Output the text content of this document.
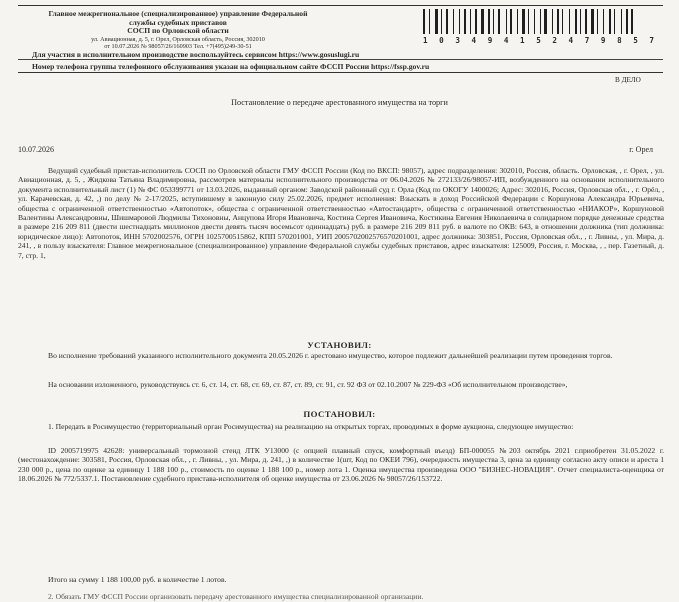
Главное межрегиональное (специализированное) управление Федеральной
службы судебных приставов
СОСП по Орловской области
ул. Авиационная, д. 5, г. Орел, Орловская область, Россия, 302010
от 10.07.2026 № 98057/26/160903 Тел. +7(495)249-30-51
1 0 3 4 9 4 1 5 2 4 7 9 8 5 7
Для участия в исполнительном производстве воспользуйтесь сервисом https://www.gosuslugi.ru
Номер телефона группы телефонного обслуживания указан на официальном сайте ФССП России https://fssp.gov.ru
В ДЕЛО
Постановление о передаче арестованного имущества на торги
10.07.2026	г. Орел

Ведущий судебный пристав-исполнитель СОСП по Орловской области ГМУ ФССП России (Код по ВКСП: 98057), адрес подразделения: 302010, Россия, область. Орловская, , г. Орел, , ул. Авиационная, д. 5, , Жидкова Татьяна Владимировна, рассмотрев материалы исполнительного производства от 06.04.2026 № 272133/26/98057-ИП, возбужденного на основании исполнительного документа исполнительный лист (1) № ФС 053399771 от 13.03.2026, выданный органом: Заводской районный суд г. Орла (Код по ОКОГУ 1400026; Адрес: 302016, Россия, Орловская обл., , г. Орёл, , ул. Карачевская, д. 42, ,) по делу № 2-17/2025, вступившему в законную силу 25.02.2026, предмет исполнения: Взыскать в доход Российской Федерации с Коршунова Александра Юрьевича, общества с ограниченной ответственностью «Автопоток», общества с ограниченной ответственностью «Автостандарт», общества с ограниченной ответственностью «НИАКОР», Коршуновой Валентины Александровны, Шишмаровой Людмилы Тихоновны, Анцупова Игоря Ивановича, Костина Сергея Ивановича, Костикина Евгения Николаевича в солидарном порядке денежные средства в размере 216 209 811 (двести шестнадцать миллионов двести девять тысяч восемьсот одиннадцать) руб. в размере 216 209 811 руб. в валюте по ОКВ: 643, в отношении должника (тип должника: юридическое лицо): Автопоток, ИНН 5702002576, ОГРН 1025700515862, КПП 570201001, УИП 2005702002576570201001, адрес должника: 303851, Россия, Орловская обл., , г. Ливны, , ул. Мира, д. 241, , в пользу взыскателя: Главное межрегиональное (специализированное) управление Федеральной службы судебных приставов, адрес взыскателя: 125009, Россия, г. Москва, , , пер. Газетный, д. 7, стр. 1,

УСТАНОВИЛ:

Во исполнение требований указанного исполнительного документа 20.05.2026 г. арестовано имущество, которое подлежит дальнейшей реализации путем проведения торгов.

На основании изложенного, руководствуясь ст. 6, ст. 14, ст. 68, ст. 69, ст. 87, ст. 89, ст. 91, ст. 92 ФЗ от 02.10.2007 № 229-ФЗ «Об исполнительном производстве»,

ПОСТАНОВИЛ:

1. Передать в Росимущество (территориальный орган Росимущества) на реализацию на открытых торгах, проводимых в форме аукциона, следующее имущество:

ID 2005719975 42628: универсальный тормозной стенд ЛТК У13000 (с опцией плавный спуск, комфортный въезд) БП-000055 №203 октябрь 2021 г.приобретен 31.05.2022 г. (местонахождение: 303581, Россия, Орловская обл., , г. Ливны, , ул. Мира, д. 241, ,) в количестве 1(шт, Код по ОКЕИ 796), очередность имущества 3, цена за единицу согласно акту описи и ареста 1 230 000 р., цена по оценке за единицу 1 188 100 р., стоимость по оценке 1 188 100 р., номер лота 1. Оценка имущества произведена ООО "БИЗНЕС-НОВАЦИЯ". Отчет специалиста-оценщика от 18.06.2026 № 772/5337.1. Постановление судебного пристава-исполнителя об оценке имущества от 23.06.2026 № 98057/26/153722.

Итого на сумму 1 188 100,00 руб. в количестве 1 лотов.

2. Обязать ГМУ ФССП России организовать передачу арестованного имущества специализированной организации.
